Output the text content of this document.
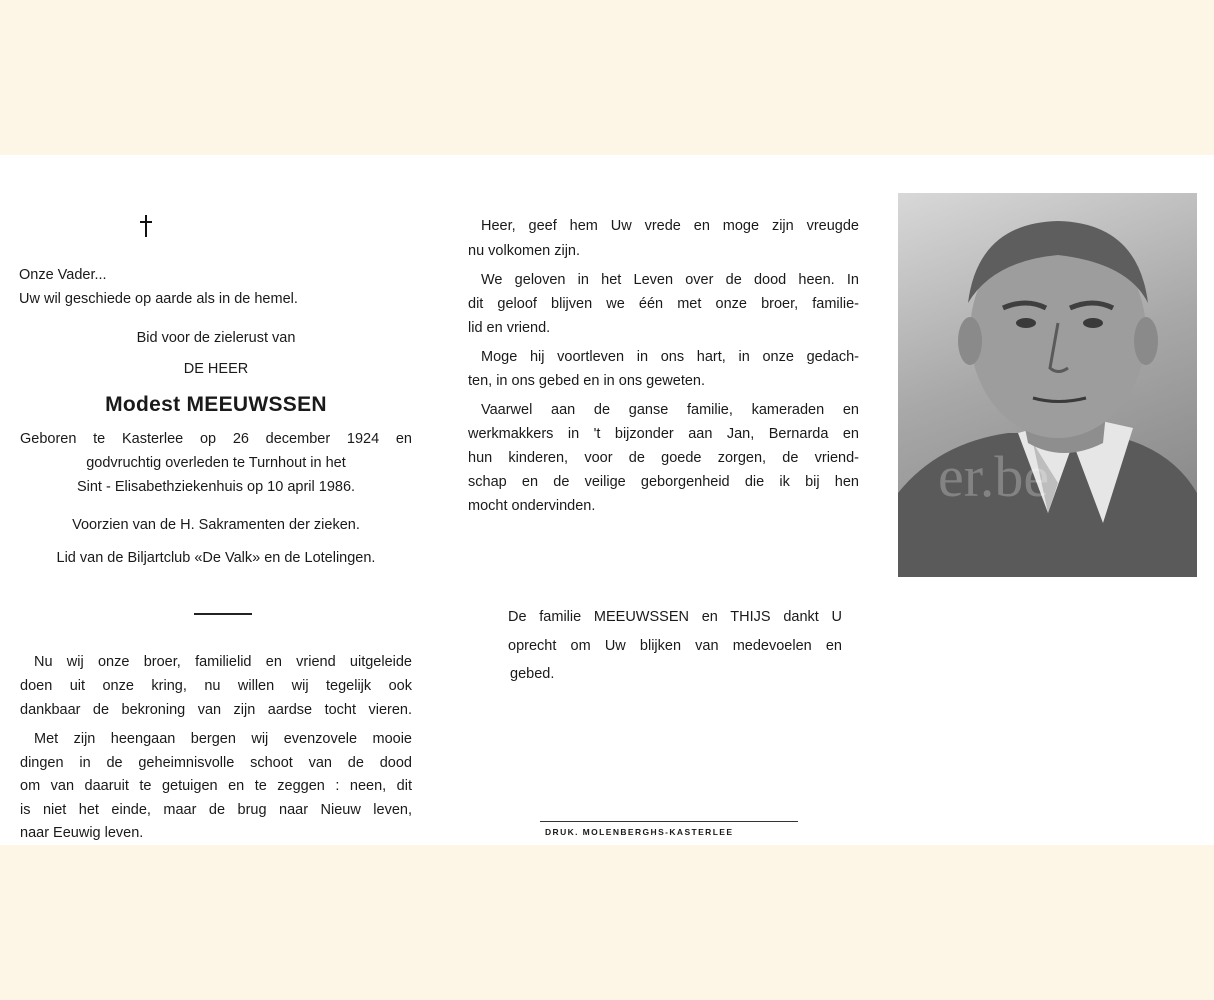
Onze Vader...
Uw wil geschiede op aarde als in de hemel.
Bid voor de zielerust van
DE HEER
Modest MEEUWSSEN
Geboren te Kasterlee op 26 december 1924 en
godvruchtig overleden te Turnhout in het
Sint - Elisabethziekenhuis op 10 april 1986.
Voorzien van de H. Sakramenten der zieken.
Lid van de Biljartclub «De Valk» en de Lotelingen.
Nu wij onze broer, familielid en vriend uitgeleide
doen uit onze kring, nu willen wij tegelijk ook
dankbaar de bekroning van zijn aardse tocht vieren.
Met zijn heengaan bergen wij evenzovele mooie
dingen in de geheimnisvolle schoot van de dood
om van daaruit te getuigen en te zeggen : neen, dit
is niet het einde, maar de brug naar Nieuw leven,
naar Eeuwig leven.
Heer, geef hem Uw vrede en moge zijn vreugde
nu volkomen zijn.
We geloven in het Leven over de dood heen. In
dit geloof blijven we één met onze broer, familie-
lid en vriend.
Moge hij voortleven in ons hart, in onze gedach-
ten, in ons gebed en in ons geweten.
Vaarwel aan de ganse familie, kameraden en
werkmakkers in 't bijzonder aan Jan, Bernarda en
hun kinderen, voor de goede zorgen, de vriend-
schap en de veilige geborgenheid die ik bij hen
mocht ondervinden.
De familie MEEUWSSEN en THIJS dankt U
oprecht om Uw blijken van medevoelen en
gebed.
DRUK. MOLENBERGHS-KASTERLEE
er.be
